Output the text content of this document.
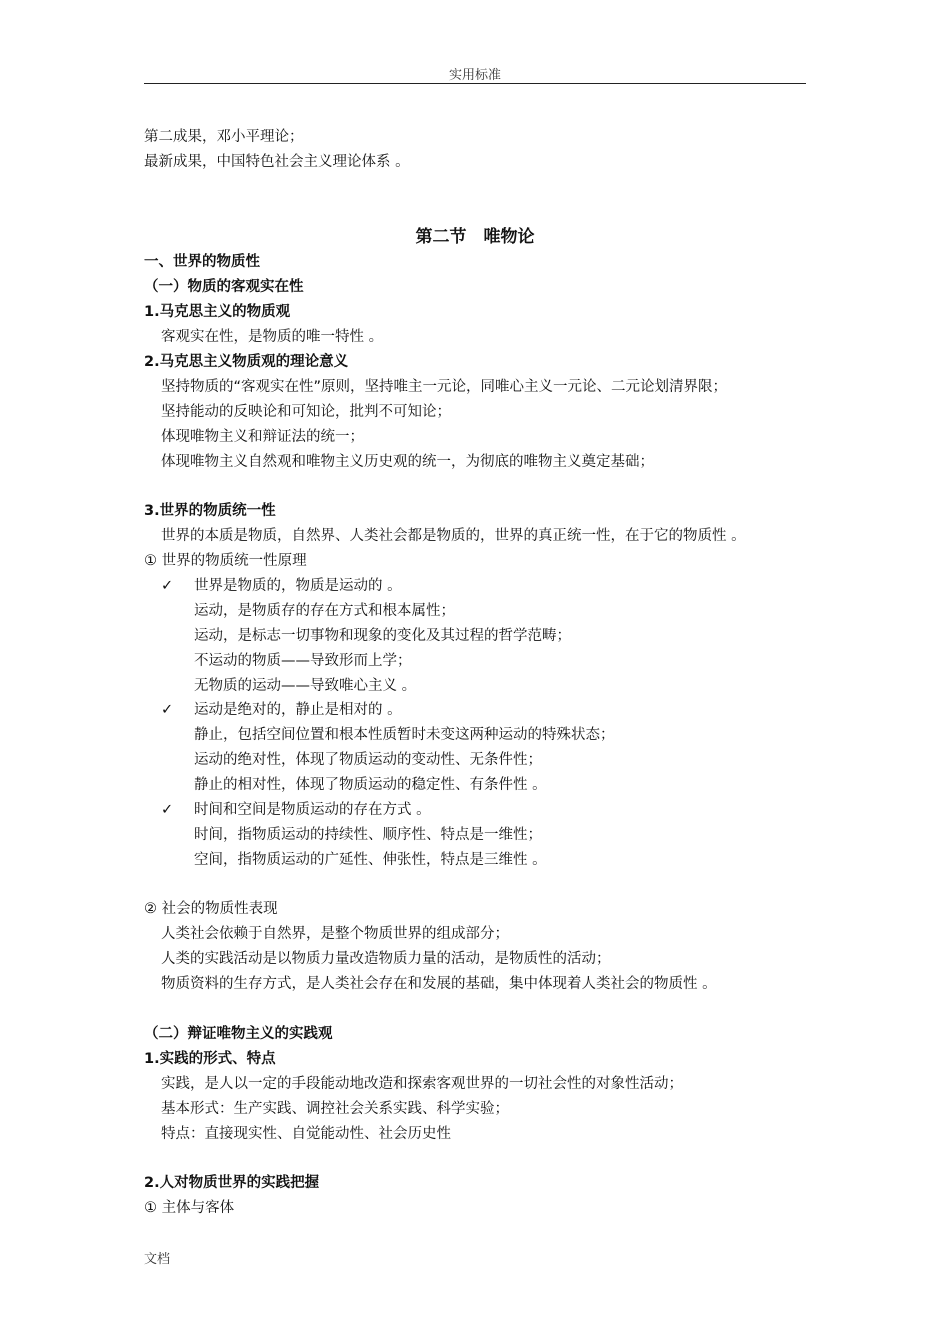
实用标准
第二成果，邓小平理论；
最新成果，中国特色社会主义理论体系 。
第二节　唯物论
一、世界的物质性
（一）物质的客观实在性
1.马克思主义的物质观
客观实在性，是物质的唯一特性 。
2.马克思主义物质观的理论意义
坚持物质的“客观实在性”原则，坚持唯主一元论，同唯心主义一元论、二元论划清界限；
坚持能动的反映论和可知论，批判不可知论；
体现唯物主义和辩证法的统一；
体现唯物主义自然观和唯物主义历史观的统一，为彻底的唯物主义奠定基础；
3.世界的物质统一性
世界的本质是物质，自然界、人类社会都是物质的，世界的真正统一性，在于它的物质性 。
① 世界的物质统一性原理
✓ 世界是物质的，物质是运动的 。
运动，是物质存的存在方式和根本属性；
运动，是标志一切事物和现象的变化及其过程的哲学范畴；
不运动的物质——导致形而上学；
无物质的运动——导致唯心主义 。
✓ 运动是绝对的，静止是相对的 。
静止，包括空间位置和根本性质暂时未变这两种运动的特殊状态；
运动的绝对性，体现了物质运动的变动性、无条件性；
静止的相对性，体现了物质运动的稳定性、有条件性 。
✓ 时间和空间是物质运动的存在方式 。
时间，指物质运动的持续性、顺序性、特点是一维性；
空间，指物质运动的广延性、伸张性，特点是三维性 。
② 社会的物质性表现
人类社会依赖于自然界，是整个物质世界的组成部分；
人类的实践活动是以物质力量改造物质力量的活动，是物质性的活动；
物质资料的生存方式，是人类社会存在和发展的基础，集中体现着人类社会的物质性 。
（二）辩证唯物主义的实践观
1.实践的形式、特点
实践，是人以一定的手段能动地改造和探索客观世界的一切社会性的对象性活动；
基本形式：生产实践、调控社会关系实践、科学实验；
特点：直接现实性、自觉能动性、社会历史性
2.人对物质世界的实践把握
① 主体与客体
文档
